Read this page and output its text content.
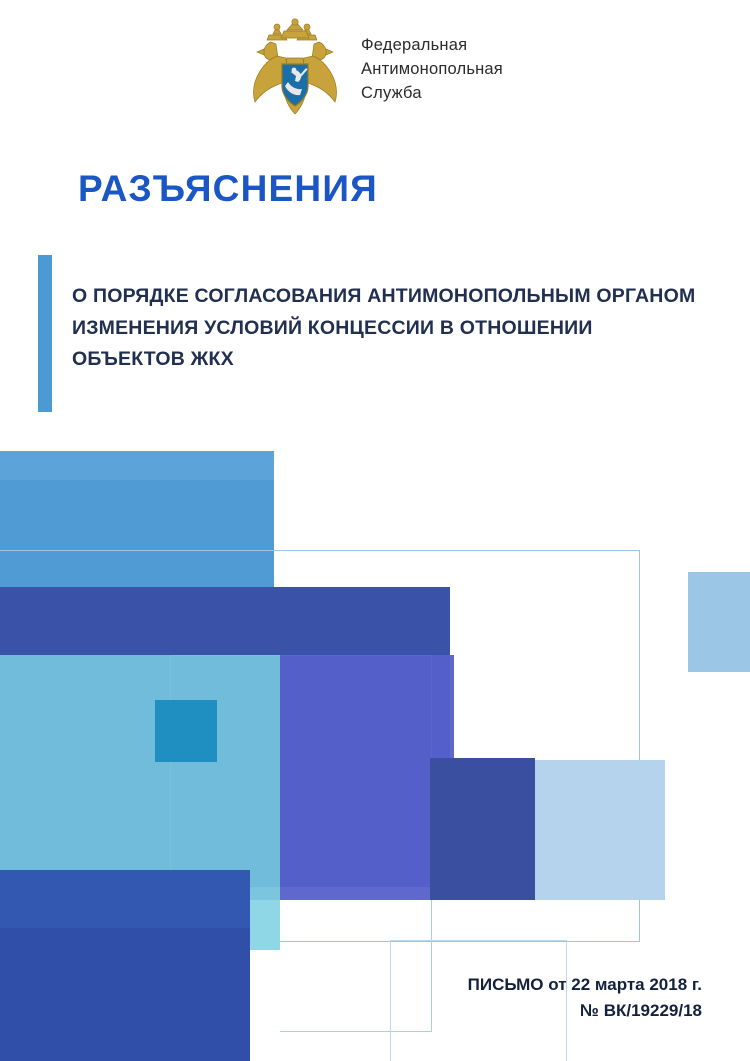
Федеральная
Антимонопольная
Служба
РАЗЪЯСНЕНИЯ
О ПОРЯДКЕ СОГЛАСОВАНИЯ АНТИМОНОПОЛЬНЫМ ОРГАНОМ ИЗМЕНЕНИЯ УСЛОВИЙ КОНЦЕССИИ В ОТНОШЕНИИ ОБЪЕКТОВ ЖКХ
ПИСЬМО от 22 марта 2018 г.
№ ВК/19229/18
